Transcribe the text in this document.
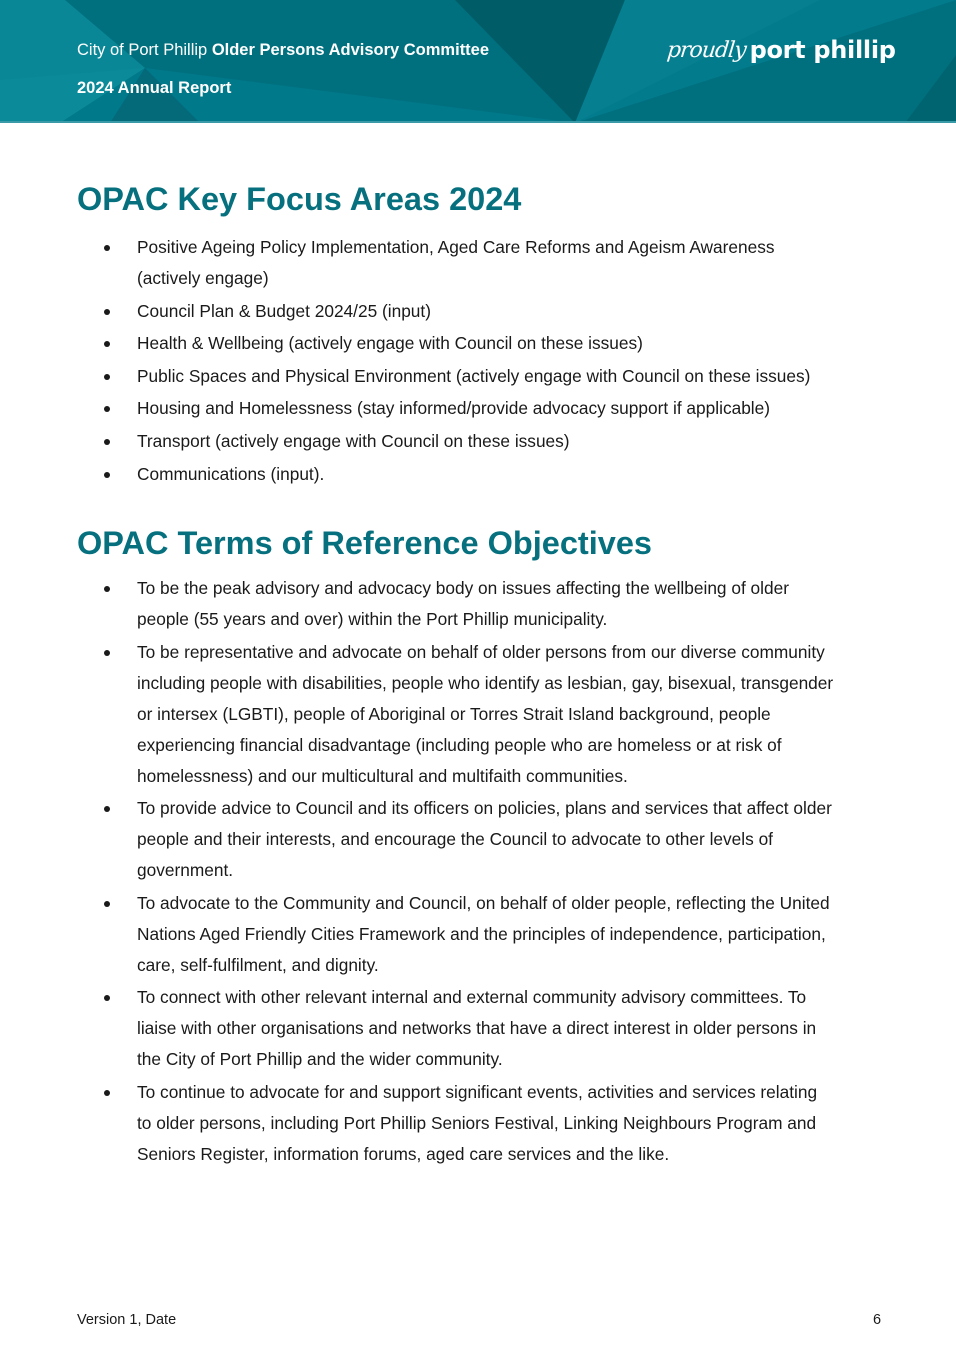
City of Port Phillip Older Persons Advisory Committee
2024 Annual Report
proudly port phillip
OPAC Key Focus Areas 2024
Positive Ageing Policy Implementation, Aged Care Reforms and Ageism Awareness
(actively engage)
Council Plan & Budget 2024/25 (input)
Health & Wellbeing (actively engage with Council on these issues)
Public Spaces and Physical Environment (actively engage with Council on these issues)
Housing and Homelessness (stay informed/provide advocacy support if applicable)
Transport (actively engage with Council on these issues)
Communications (input).
OPAC Terms of Reference Objectives
To be the peak advisory and advocacy body on issues affecting the wellbeing of older
people (55 years and over) within the Port Phillip municipality.
To be representative and advocate on behalf of older persons from our diverse community
including people with disabilities, people who identify as lesbian, gay, bisexual, transgender
or intersex (LGBTI), people of Aboriginal or Torres Strait Island background, people
experiencing financial disadvantage (including people who are homeless or at risk of
homelessness) and our multicultural and multifaith communities.
To provide advice to Council and its officers on policies, plans and services that affect older
people and their interests, and encourage the Council to advocate to other levels of
government.
To advocate to the Community and Council, on behalf of older people, reflecting the United
Nations Aged Friendly Cities Framework and the principles of independence, participation,
care, self-fulfilment, and dignity.
To connect with other relevant internal and external community advisory committees. To
liaise with other organisations and networks that have a direct interest in older persons in
the City of Port Phillip and the wider community.
To continue to advocate for and support significant events, activities and services relating
to older persons, including Port Phillip Seniors Festival, Linking Neighbours Program and
Seniors Register, information forums, aged care services and the like.
Version 1, Date	6
